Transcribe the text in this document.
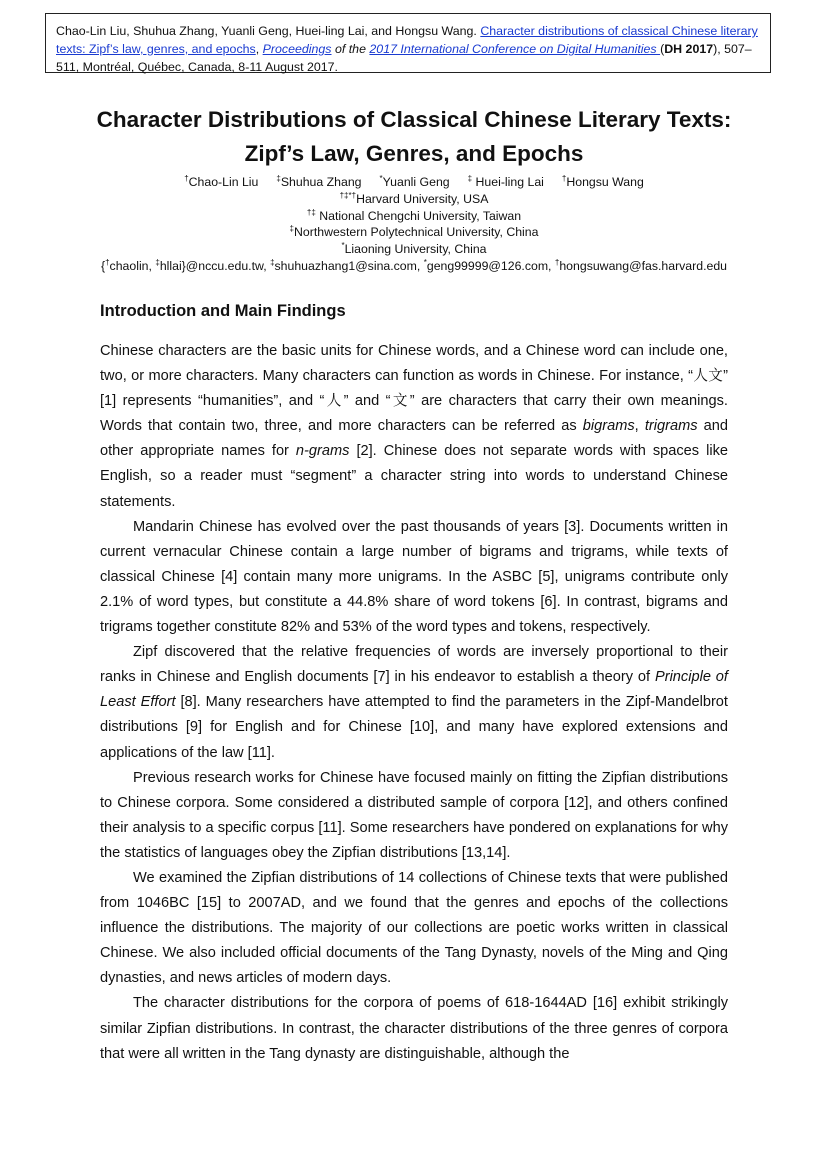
Chao-Lin Liu, Shuhua Zhang, Yuanli Geng, Huei-ling Lai, and Hongsu Wang. Character distributions of classical Chinese literary texts: Zipf’s law, genres, and epochs, Proceedings of the 2017 International Conference on Digital Humanities (DH 2017), 507–511, Montréal, Québec, Canada, 8-11 August 2017.
Character Distributions of Classical Chinese Literary Texts:
Zipf’s Law, Genres, and Epochs
†Chao-Lin Liu ‡Shuhua Zhang *Yuanli Geng ‡ Huei-ling Lai †Hongsu Wang
†‡*†Harvard University, USA
†‡ National Chengchi University, Taiwan
‡Northwestern Polytechnical University, China
*Liaoning University, China
{†chaolin, ‡hllai}@nccu.edu.tw, ‡shuhuazhang1@sina.com, *geng99999@126.com, †hongsuwang@fas.harvard.edu
Introduction and Main Findings

Chinese characters are the basic units for Chinese words, and a Chinese word can include one, two, or more characters. Many characters can function as words in Chinese. For instance, “人文” [1] represents “humanities”, and “人” and “文” are characters that carry their own meanings. Words that contain two, three, and more characters can be referred as bigrams, trigrams and other appropriate names for n-grams [2]. Chinese does not separate words with spaces like English, so a reader must “segment” a character string into words to understand Chinese statements.

Mandarin Chinese has evolved over the past thousands of years [3]. Documents written in current vernacular Chinese contain a large number of bigrams and trigrams, while texts of classical Chinese [4] contain many more unigrams. In the ASBC [5], unigrams contribute only 2.1% of word types, but constitute a 44.8% share of word tokens [6]. In contrast, bigrams and trigrams together constitute 82% and 53% of the word types and tokens, respectively.

Zipf discovered that the relative frequencies of words are inversely proportional to their ranks in Chinese and English documents [7] in his endeavor to establish a theory of Principle of Least Effort [8]. Many researchers have attempted to find the parameters in the Zipf-Mandelbrot distributions [9] for English and for Chinese [10], and many have explored extensions and applications of the law [11].

Previous research works for Chinese have focused mainly on fitting the Zipfian distributions to Chinese corpora. Some considered a distributed sample of corpora [12], and others confined their analysis to a specific corpus [11]. Some researchers have pondered on explanations for why the statistics of languages obey the Zipfian distributions [13,14].

We examined the Zipfian distributions of 14 collections of Chinese texts that were published from 1046BC [15] to 2007AD, and we found that the genres and epochs of the collections influence the distributions. The majority of our collections are poetic works written in classical Chinese. We also included official documents of the Tang Dynasty, novels of the Ming and Qing dynasties, and news articles of modern days.

The character distributions for the corpora of poems of 618-1644AD [16] exhibit strikingly similar Zipfian distributions. In contrast, the character distributions of the three genres of corpora that were all written in the Tang dynasty are distinguishable, although the
